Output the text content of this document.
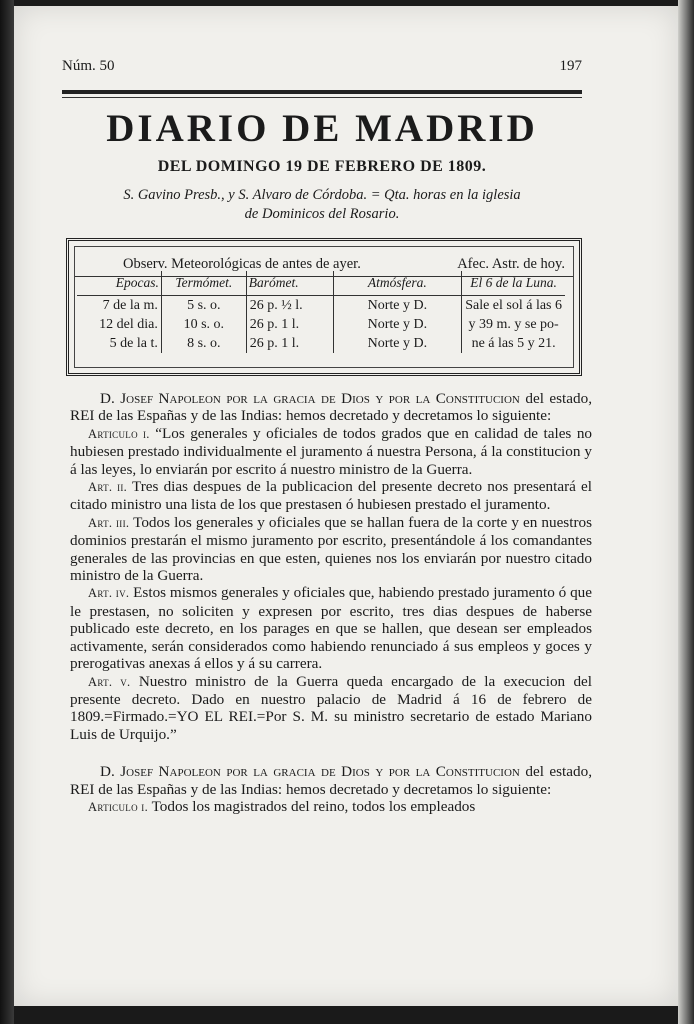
Núm. 50	197
DIARIO DE MADRID
DEL DOMINGO 19 DE FEBRERO DE 1809.
S. Gavino Presb., y S. Alvaro de Córdoba. = Qta. horas en la iglesia
de Dominicos del Rosario.
Observ. Meteorológicas de antes de ayer.	Afec. Astr. de hoy.
Epocas.	Termómet.	Barómet.	Atmósfera.	El 6 de la Luna.
7 de la m.	5 s. o.	26 p. ½ l.	Norte y D.	Sale el sol á las 6
12 del dia.	10 s. o.	26 p. 1 l.	Norte y D.	y 39 m. y se po-
5 de la t.	8 s. o.	26 p. 1 l.	Norte y D.	ne á las 5 y 21.

D. Josef Napoleon por la gracia de Dios y por la Constitucion del estado, REI de las Españas y de las Indias: hemos decretado y decretamos lo siguiente:

Articulo i. “Los generales y oficiales de todos grados que en calidad de tales no hubiesen prestado individualmente el juramento á nuestra Persona, á la constitucion y á las leyes, lo enviarán por escrito á nuestro ministro de la Guerra.

Art. ii. Tres dias despues de la publicacion del presente decreto nos presentará el citado ministro una lista de los que prestasen ó hubiesen prestado el juramento.

Art. iii. Todos los generales y oficiales que se hallan fuera de la corte y en nuestros dominios prestarán el mismo juramento por escrito, presentándole á los comandantes generales de las provincias en que esten, quienes nos los enviarán por nuestro citado ministro de la Guerra.

Art. iv. Estos mismos generales y oficiales que, habiendo prestado juramento ó que le prestasen, no soliciten y expresen por escrito, tres dias despues de haberse publicado este decreto, en los parages en que se hallen, que desean ser empleados activamente, serán considerados como habiendo renunciado á sus empleos y goces y prerogativas anexas á ellos y á su carrera.

Art. v. Nuestro ministro de la Guerra queda encargado de la execucion del presente decreto. Dado en nuestro palacio de Madrid á 16 de febrero de 1809.=Firmado.=YO EL REI.=Por S. M. su ministro secretario de estado Mariano Luis de Urquijo.”

D. Josef Napoleon por la gracia de Dios y por la Constitucion del estado, REI de las Españas y de las Indias: hemos decretado y decretamos lo siguiente:

Articulo i. Todos los magistrados del reino, todos los empleados
